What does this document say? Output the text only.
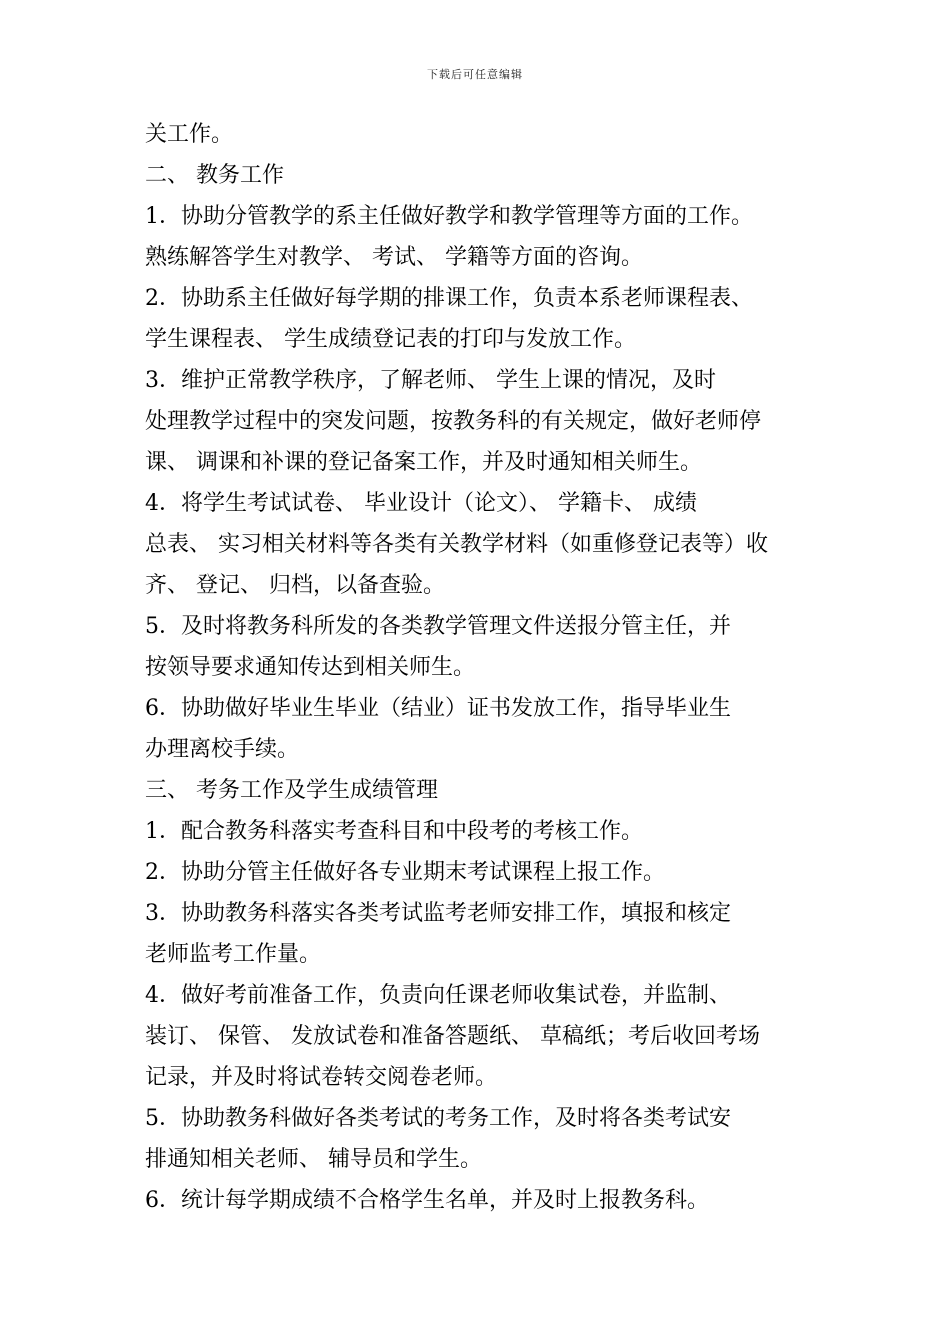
下载后可任意编辑
关工作。
二、 教务工作
1．协助分管教学的系主任做好教学和教学管理等方面的工作。
熟练解答学生对教学、 考试、 学籍等方面的咨询。
2．协助系主任做好每学期的排课工作，负责本系老师课程表、
学生课程表、 学生成绩登记表的打印与发放工作。
3．维护正常教学秩序，了解老师、 学生上课的情况，及时
处理教学过程中的突发问题，按教务科的有关规定，做好老师停
课、 调课和补课的登记备案工作，并及时通知相关师生。
4．将学生考试试卷、 毕业设计（论文）、 学籍卡、 成绩
总表、 实习相关材料等各类有关教学材料（如重修登记表等）收
齐、 登记、 归档，以备查验。
5．及时将教务科所发的各类教学管理文件送报分管主任，并
按领导要求通知传达到相关师生。
6．协助做好毕业生毕业（结业）证书发放工作，指导毕业生
办理离校手续。
三、 考务工作及学生成绩管理
1．配合教务科落实考查科目和中段考的考核工作。
2．协助分管主任做好各专业期末考试课程上报工作。
3．协助教务科落实各类考试监考老师安排工作，填报和核定
老师监考工作量。
4．做好考前准备工作，负责向任课老师收集试卷，并监制、
装订、 保管、 发放试卷和准备答题纸、 草稿纸；考后收回考场
记录，并及时将试卷转交阅卷老师。
5．协助教务科做好各类考试的考务工作，及时将各类考试安
排通知相关老师、 辅导员和学生。
6．统计每学期成绩不合格学生名单，并及时上报教务科。
